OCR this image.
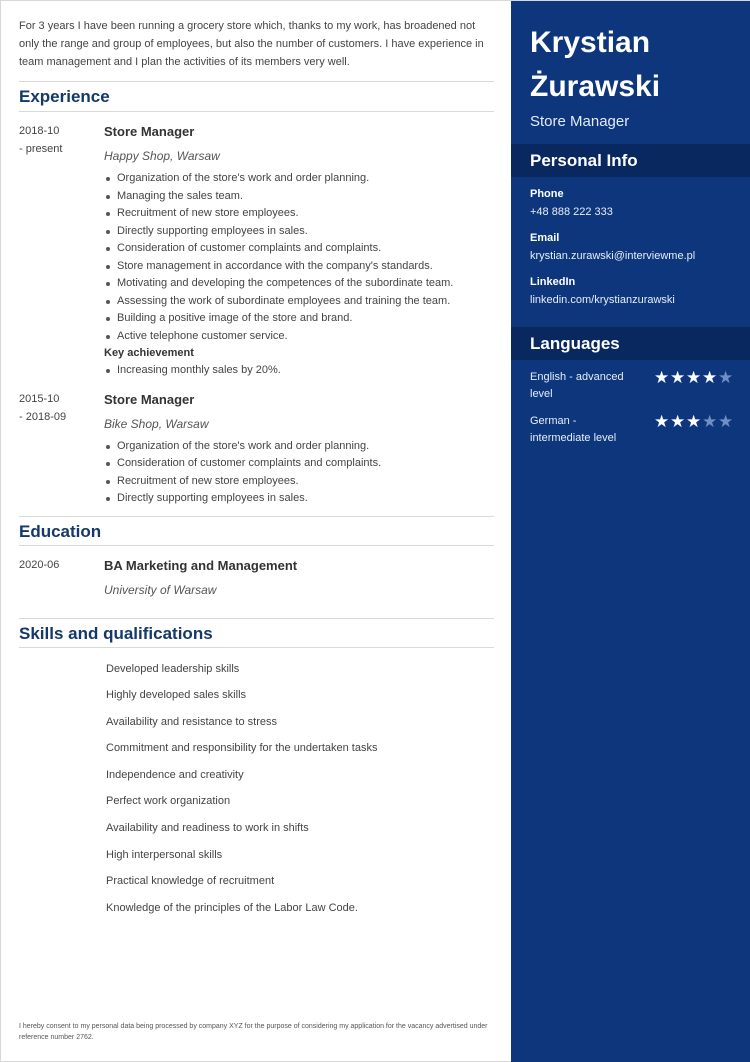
For 3 years I have been running a grocery store which, thanks to my work, has broadened not only the range and group of employees, but also the number of customers. I have experience in team management and I plan the activities of its members very well.

Experience
2018-10
- present
Store Manager
Happy Shop, Warsaw
Organization of the store's work and order planning.
Managing the sales team.
Recruitment of new store employees.
Directly supporting employees in sales.
Consideration of customer complaints and complaints.
Store management in accordance with the company's standards.
Motivating and developing the competences of the subordinate team.
Assessing the work of subordinate employees and training the team.
Building a positive image of the store and brand.
Active telephone customer service.
Key achievement
Increasing monthly sales by 20%.
2015-10
- 2018-09
Store Manager
Bike Shop, Warsaw
Organization of the store's work and order planning.
Consideration of customer complaints and complaints.
Recruitment of new store employees.
Directly supporting employees in sales.
Education
2020-06	BA Marketing and Management
University of Warsaw
Skills and qualifications
Developed leadership skills
Highly developed sales skills
Availability and resistance to stress
Commitment and responsibility for the undertaken tasks
Independence and creativity
Perfect work organization
Availability and readiness to work in shifts
High interpersonal skills
Practical knowledge of recruitment
Knowledge of the principles of the Labor Law Code.

I hereby consent to my personal data being processed by company XYZ for the purpose of considering my application for the vacancy advertised under reference number 2762.

Krystian Żurawski
Store Manager
Personal Info
Phone
+48 888 222 333
Email
krystian.zurawski@interviewme.pl
LinkedIn
linkedin.com/krystianzurawski
Languages
English - advanced level
★★★★★
German - intermediate level
★★★★★
